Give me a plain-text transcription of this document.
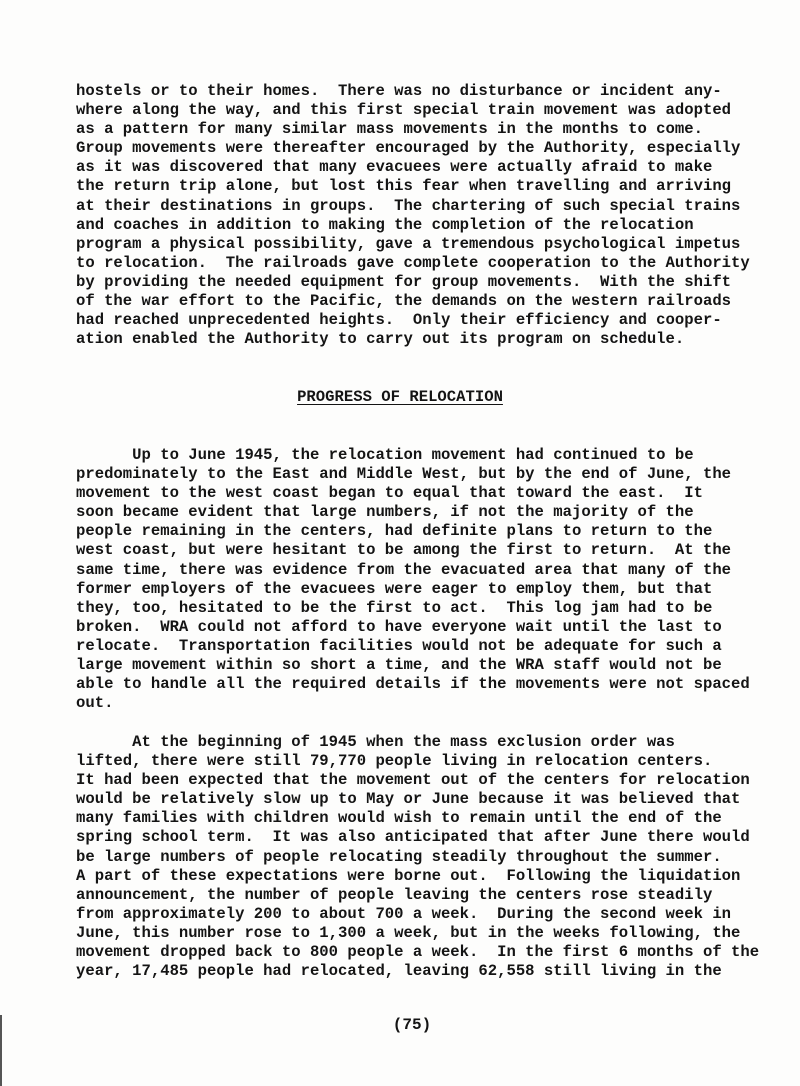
hostels or to their homes.  There was no disturbance or incident any-
where along the way, and this first special train movement was adopted
as a pattern for many similar mass movements in the months to come.
Group movements were thereafter encouraged by the Authority, especially
as it was discovered that many evacuees were actually afraid to make
the return trip alone, but lost this fear when travelling and arriving
at their destinations in groups.  The chartering of such special trains
and coaches in addition to making the completion of the relocation
program a physical possibility, gave a tremendous psychological impetus
to relocation.  The railroads gave complete cooperation to the Authority
by providing the needed equipment for group movements.  With the shift
of the war effort to the Pacific, the demands on the western railroads
had reached unprecedented heights.  Only their efficiency and cooper-
ation enabled the Authority to carry out its program on schedule.
PROGRESS OF RELOCATION
Up to June 1945, the relocation movement had continued to be
predominately to the East and Middle West, but by the end of June, the
movement to the west coast began to equal that toward the east.  It
soon became evident that large numbers, if not the majority of the
people remaining in the centers, had definite plans to return to the
west coast, but were hesitant to be among the first to return.  At the
same time, there was evidence from the evacuated area that many of the
former employers of the evacuees were eager to employ them, but that
they, too, hesitated to be the first to act.  This log jam had to be
broken.  WRA could not afford to have everyone wait until the last to
relocate.  Transportation facilities would not be adequate for such a
large movement within so short a time, and the WRA staff would not be
able to handle all the required details if the movements were not spaced
out.
At the beginning of 1945 when the mass exclusion order was
lifted, there were still 79,770 people living in relocation centers.
It had been expected that the movement out of the centers for relocation
would be relatively slow up to May or June because it was believed that
many families with children would wish to remain until the end of the
spring school term.  It was also anticipated that after June there would
be large numbers of people relocating steadily throughout the summer.
A part of these expectations were borne out.  Following the liquidation
announcement, the number of people leaving the centers rose steadily
from approximately 200 to about 700 a week.  During the second week in
June, this number rose to 1,300 a week, but in the weeks following, the
movement dropped back to 800 people a week.  In the first 6 months of the
year, 17,485 people had relocated, leaving 62,558 still living in the
(75)
